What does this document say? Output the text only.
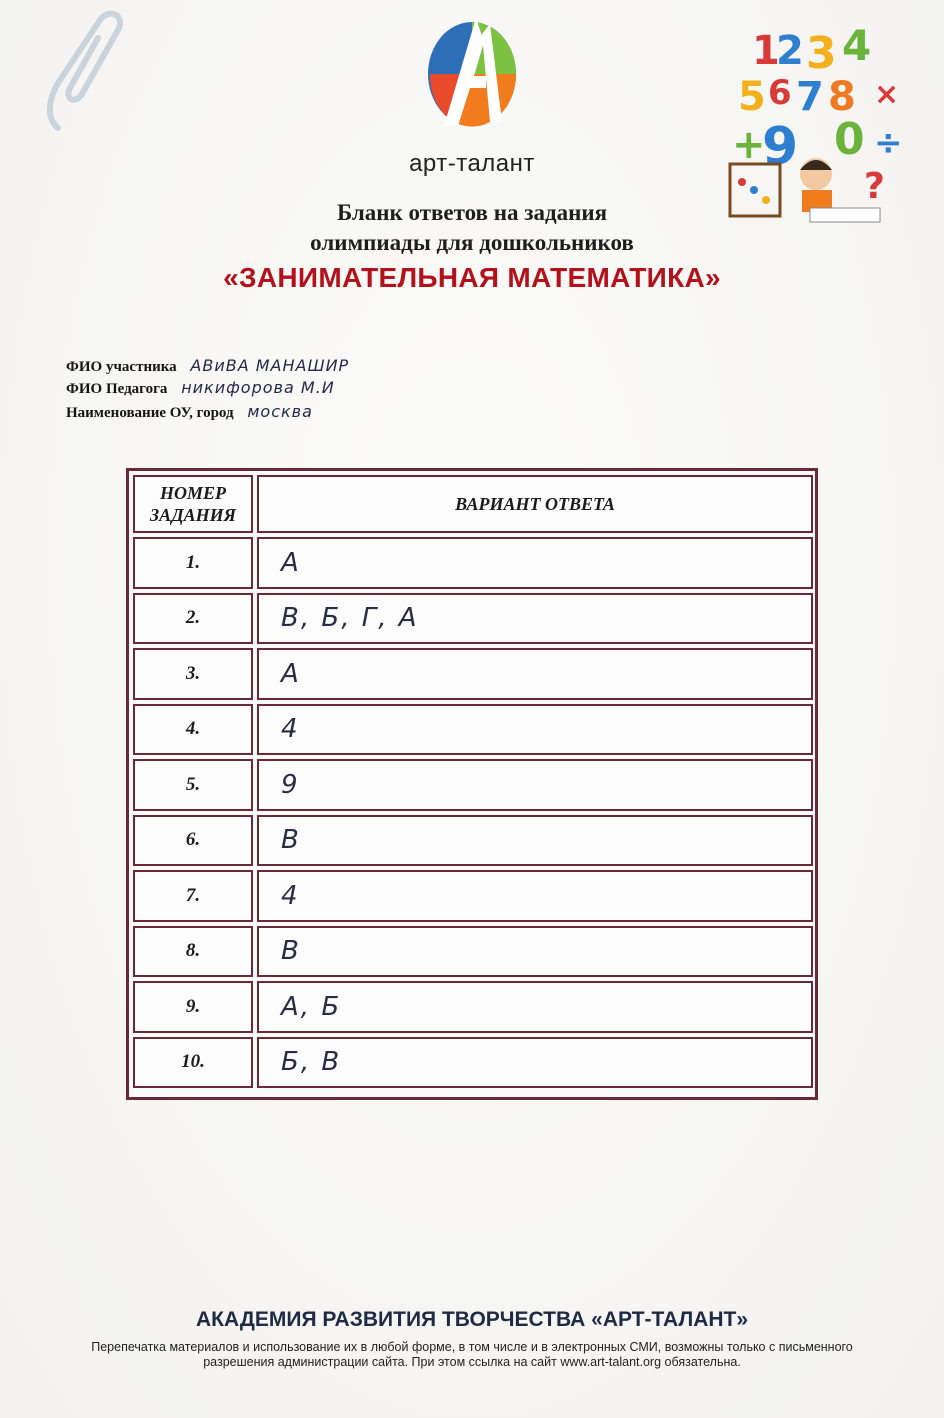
арт-талант
1
2 3 4
5 6 7 8 ×
+
9 0 ÷
?
Бланк ответов на задания
олимпиады для дошкольников
«ЗАНИМАТЕЛЬНАЯ МАТЕМАТИКА»
ФИО участника АВиВА МАНАШИР
ФИО Педагога никифорова М.И
Наименование ОУ, город москва
НОМЕР
ЗАДАНИЯ
ВАРИАНТ ОТВЕТА
1.	А
2.	В, Б, Г, А
3.	А
4.	4
5.	9
6.	В
7.	4
8.	В
9.	А, Б
10.	Б, В
АКАДЕМИЯ РАЗВИТИЯ ТВОРЧЕСТВА «АРТ-ТАЛАНТ»
Перепечатка материалов и использование их в любой форме, в том числе и в электронных СМИ, возможны только с письменного разрешения администрации сайта. При этом ссылка на сайт www.art-talant.org обязательна.
